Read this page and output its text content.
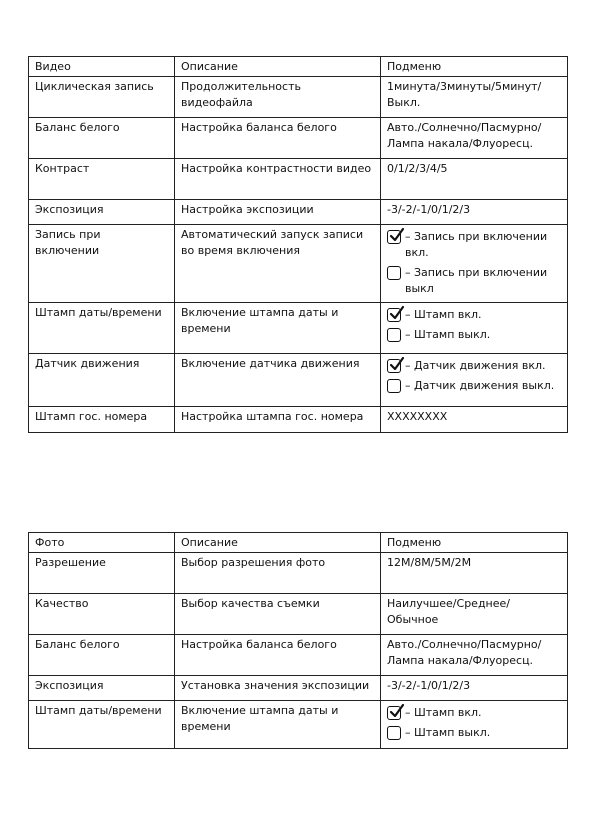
Видео	Описание	Подменю
Циклическая запись	Продолжительность видеофайла	1минута/3минуты/5минут/ Выкл.
Баланс белого	Настройка баланса белого	Авто./Солнечно/Пасмурно/ Лампа накала/Флуоресц.
Контраст	Настройка контрастности видео	0/1/2/3/4/5
Экспозиция	Настройка экспозиции	-3/-2/-1/0/1/2/3
Запись при включении	Автоматический запуск записи во время включения	– Запись при включении вкл.
– Запись при включении выкл

Штамп даты/времени	Включение штампа даты и времени	– Штамп вкл.
– Штамп выкл.

Датчик движения	Включение датчика движения	– Датчик движения вкл.
– Датчик движения выкл.

Штамп гос. номера	Настройка штампа гос. номера	XXXXXXXX
Фото	Описание	Подменю
Разрешение	Выбор разрешения фото	12M/8M/5M/2M
Качество	Выбор качества съемки	Наилучшее/Среднее/ Обычное
Баланс белого	Настройка баланса белого	Авто./Солнечно/Пасмурно/ Лампа накала/Флуоресц.
Экспозиция	Установка значения экспозиции	-3/-2/-1/0/1/2/3
Штамп даты/времени	Включение штампа даты и времени	– Штамп вкл.
– Штамп выкл.
